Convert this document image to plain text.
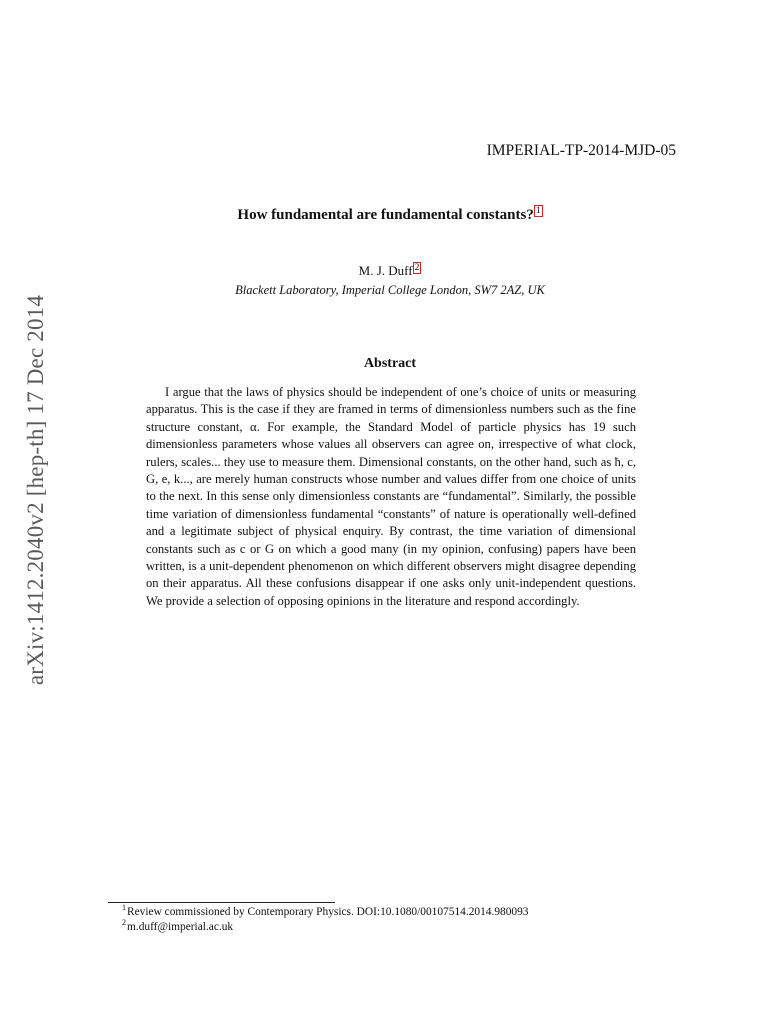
arXiv:1412.2040v2 [hep-th] 17 Dec 2014
IMPERIAL-TP-2014-MJD-05
How fundamental are fundamental constants? $^1$
M. J. Duff $^2$
Blackett Laboratory, Imperial College London, SW7 2AZ, UK
Abstract

I argue that the laws of physics should be independent of one’s choice of units or measuring apparatus. This is the case if they are framed in terms of dimensionless numbers such as the fine structure constant, α. For example, the Standard Model of particle physics has 19 such dimensionless parameters whose values all observers can agree on, irrespective of what clock, rulers, scales... they use to measure them. Dimensional constants, on the other hand, such as ħ, c, G, e, k..., are merely human constructs whose number and values differ from one choice of units to the next. In this sense only dimensionless constants are “fundamental”. Similarly, the possible time variation of dimensionless fundamental “constants” of nature is operationally well-defined and a legitimate subject of physical enquiry. By contrast, the time variation of dimensional constants such as c or G on which a good many (in my opinion, confusing) papers have been written, is a unit-dependent phenomenon on which different observers might disagree depending on their apparatus. All these confusions disappear if one asks only unit-independent questions. We provide a selection of opposing opinions in the literature and respond accordingly.

$^1$Review commissioned by Contemporary Physics. DOI:10.1080/00107514.2014.980093
$^2$m.duff@imperial.ac.uk
